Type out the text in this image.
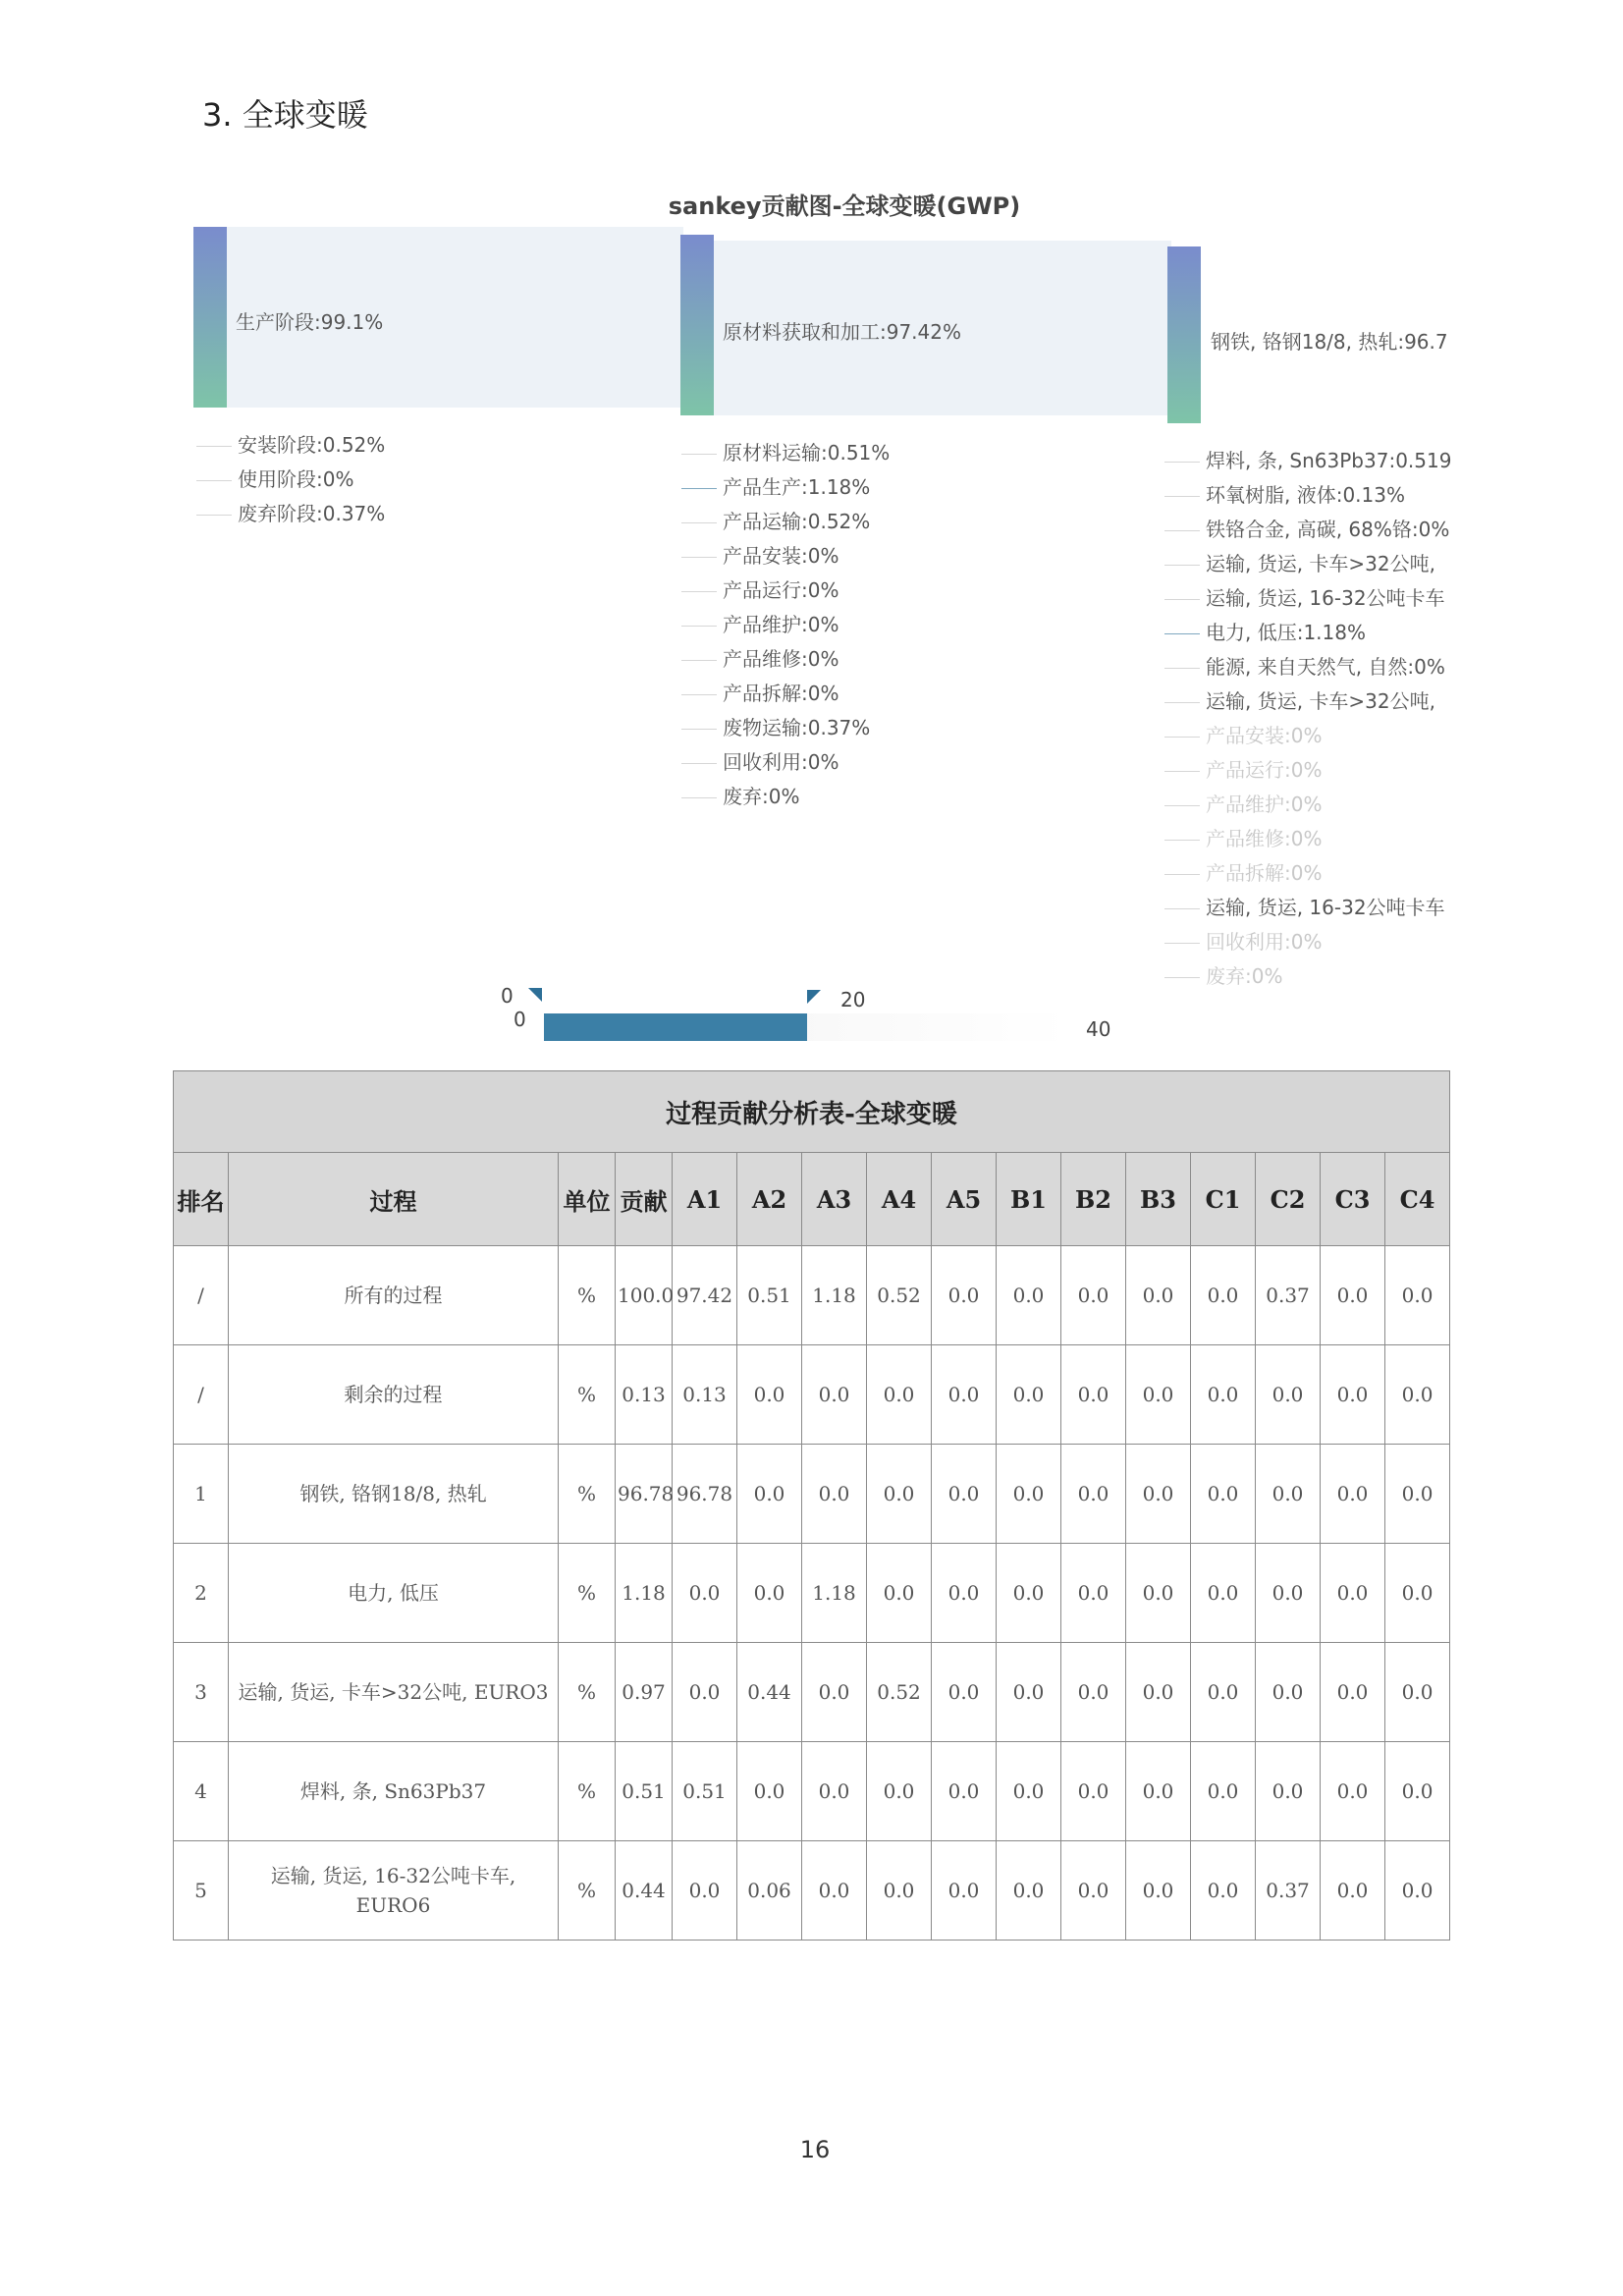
3. 全球变暖
sankey贡献图-全球变暖(GWP)
生产阶段:99.1%
安装阶段:0.52%
使用阶段:0%
废弃阶段:0.37%
原材料获取和加工:97.42%
原材料运输:0.51%
产品生产:1.18%
产品运输:0.52%
产品安装:0%
产品运行:0%
产品维护:0%
产品维修:0%
产品拆解:0%
废物运输:0.37%
回收利用:0%
废弃:0%
钢铁, 铬钢18/8, 热轧:96.7
焊料, 条, Sn63Pb37:0.519
环氧树脂, 液体:0.13%
铁铬合金, 高碳, 68%铬:0%
运输, 货运, 卡车>32公吨,
运输, 货运, 16-32公吨卡车
电力, 低压:1.18%
能源, 来自天然气, 自然:0%
运输, 货运, 卡车>32公吨,
产品安装:0%
产品运行:0%
产品维护:0%
产品维修:0%
产品拆解:0%
运输, 货运, 16-32公吨卡车
回收利用:0%
废弃:0%
0
0
20
40
过程贡献分析表-全球变暖															
排名	过程	单位	贡献	A1	A2	A3	A4	A5	B1	B2	B3	C1	C2	C3	C4
/	所有的过程	%	100.0	97.42	0.51	1.18	0.52	0.0	0.0	0.0	0.0	0.0	0.37	0.0	0.0
/	剩余的过程	%	0.13	0.13	0.0	0.0	0.0	0.0	0.0	0.0	0.0	0.0	0.0	0.0	0.0
1	钢铁, 铬钢18/8, 热轧	%	96.78	96.78	0.0	0.0	0.0	0.0	0.0	0.0	0.0	0.0	0.0	0.0	0.0
2	电力, 低压	%	1.18	0.0	0.0	1.18	0.0	0.0	0.0	0.0	0.0	0.0	0.0	0.0	0.0
3	运输, 货运, 卡车>32公吨, EURO3	%	0.97	0.0	0.44	0.0	0.52	0.0	0.0	0.0	0.0	0.0	0.0	0.0	0.0
4	焊料, 条, Sn63Pb37	%	0.51	0.51	0.0	0.0	0.0	0.0	0.0	0.0	0.0	0.0	0.0	0.0	0.0
5	运输, 货运, 16-32公吨卡车, EURO6	%	0.44	0.0	0.06	0.0	0.0	0.0	0.0	0.0	0.0	0.0	0.37	0.0	0.0
16
